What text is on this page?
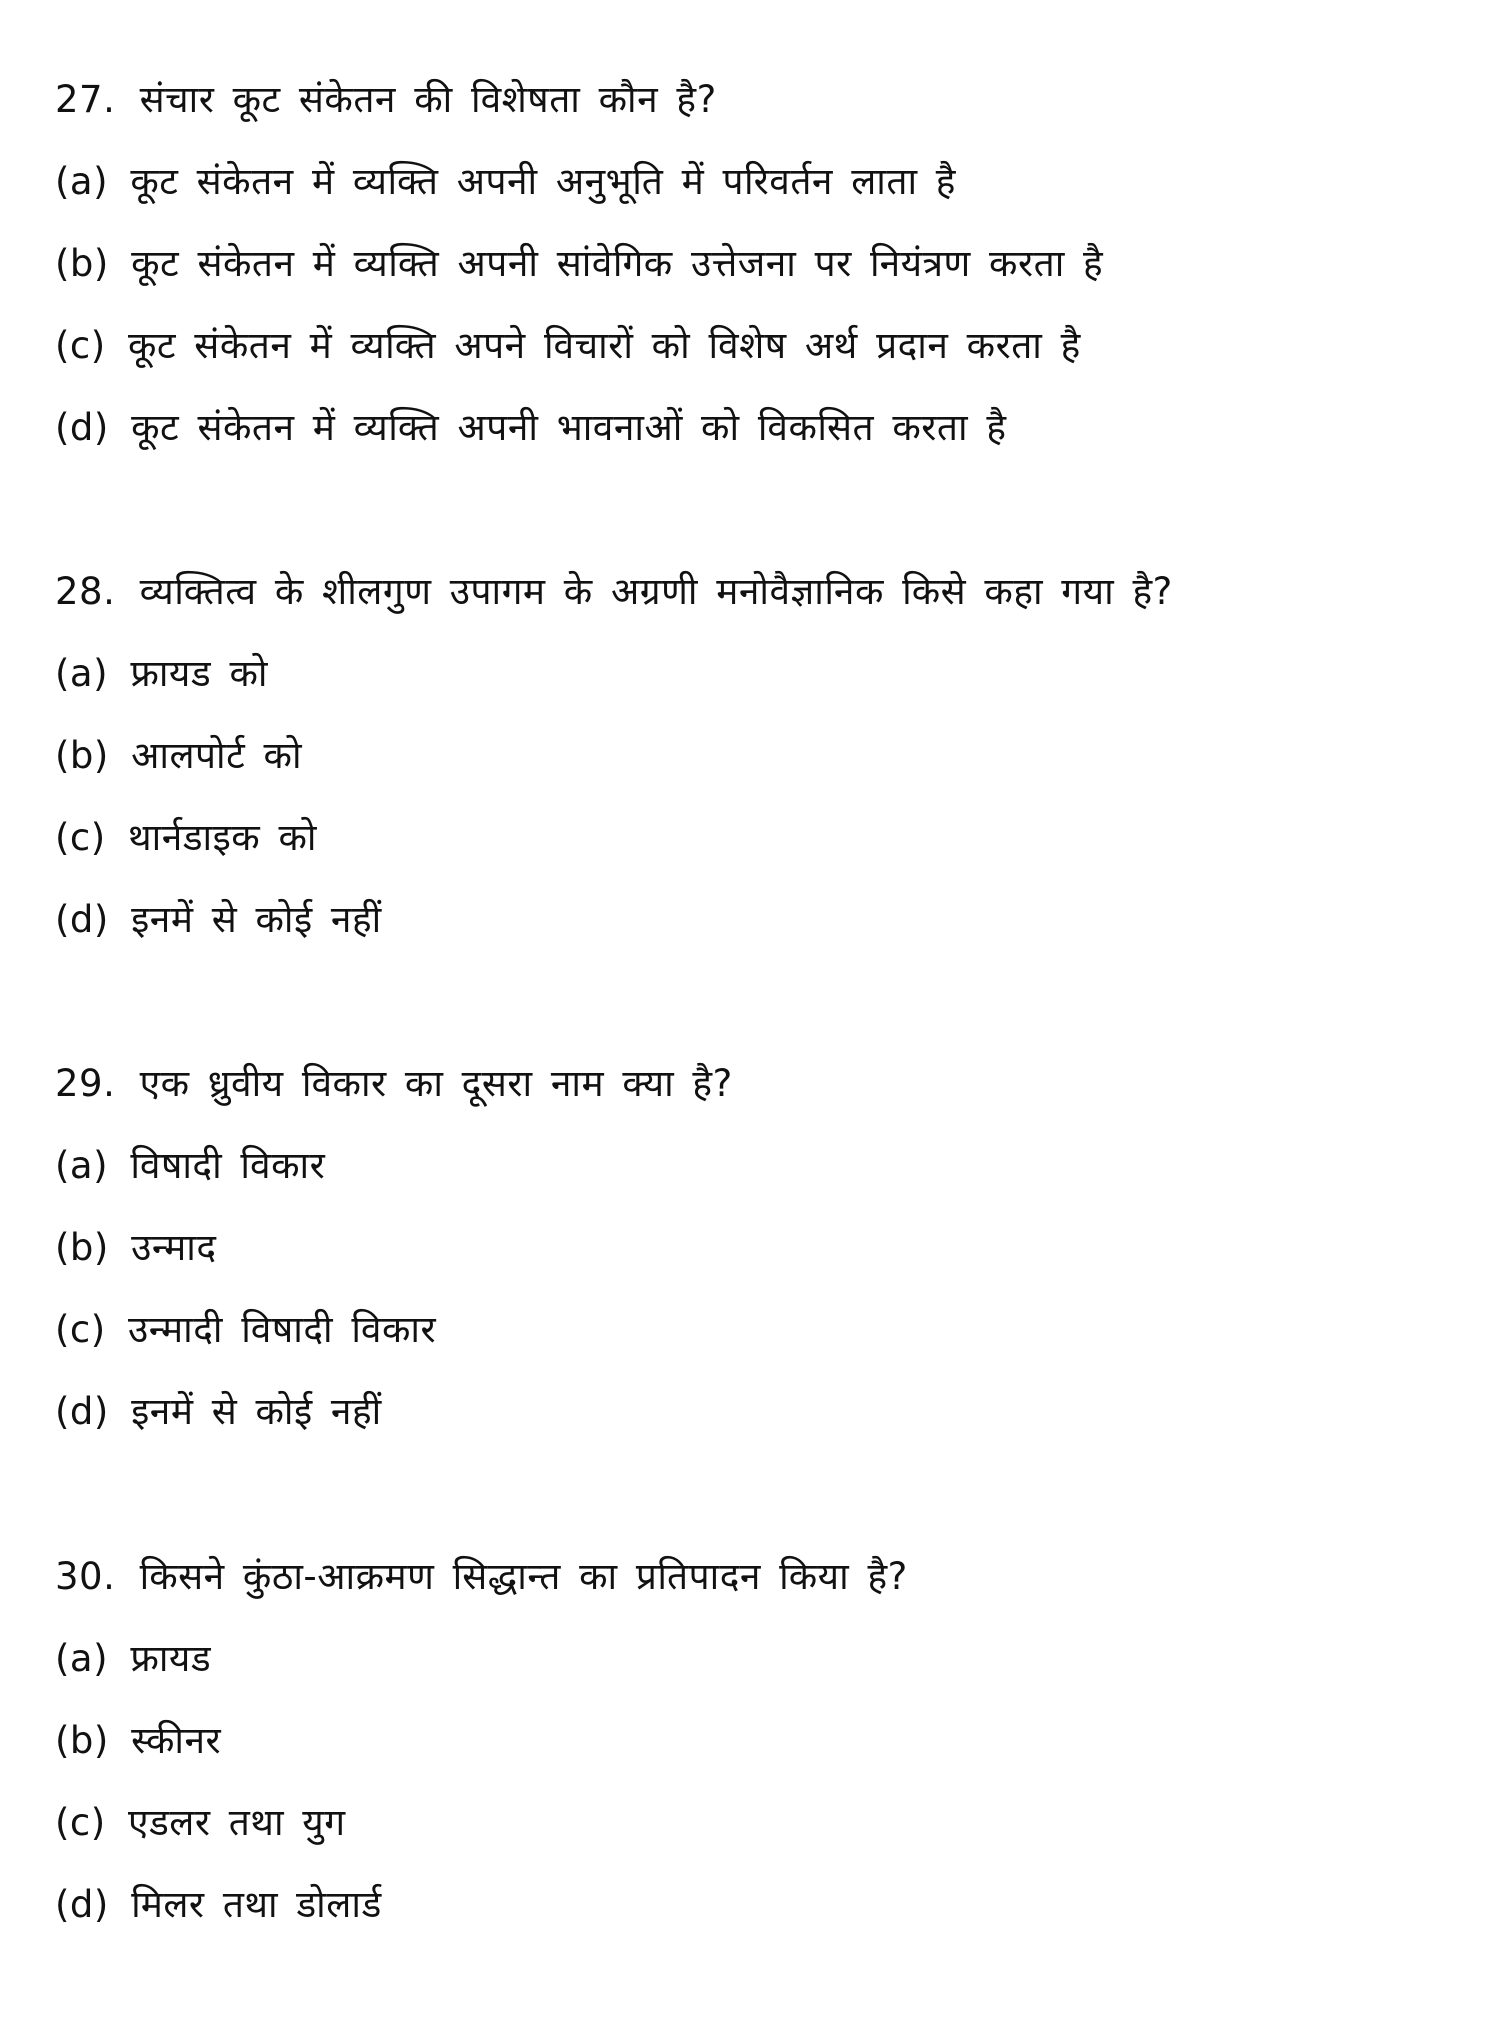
27. संचार कूट संकेतन की विशेषता कौन है?
(a) कूट संकेतन में व्यक्ति अपनी अनुभूति में परिवर्तन लाता है
(b) कूट संकेतन में व्यक्ति अपनी सांवेगिक उत्तेजना पर नियंत्रण करता है
(c) कूट संकेतन में व्यक्ति अपने विचारों को विशेष अर्थ प्रदान करता है
(d) कूट संकेतन में व्यक्ति अपनी भावनाओं को विकसित करता है
28. व्यक्तित्व के शीलगुण उपागम के अग्रणी मनोवैज्ञानिक किसे कहा गया है?
(a) फ्रायड को
(b) आलपोर्ट को
(c) थार्नडाइक को
(d) इनमें से कोई नहीं
29. एक ध्रुवीय विकार का दूसरा नाम क्या है?
(a) विषादी विकार
(b) उन्माद
(c) उन्मादी विषादी विकार
(d) इनमें से कोई नहीं
30. किसने कुंठा-आक्रमण सिद्धान्त का प्रतिपादन किया है?
(a) फ्रायड
(b) स्कीनर
(c) एडलर तथा युग
(d) मिलर तथा डोलार्ड
